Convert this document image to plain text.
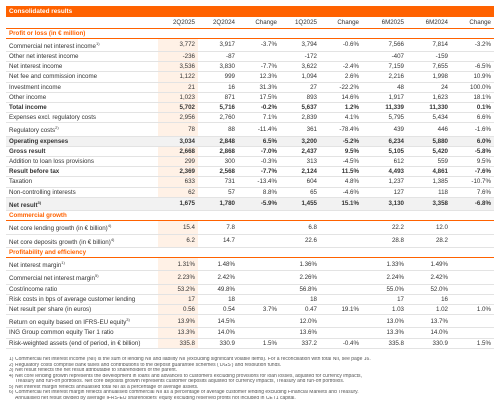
Consolidated results
	2Q2025	2Q2024	Change	1Q2025	Change	6M2025	6M2024	Change
Profit or loss (in € million)								
Commercial net interest income$^{1)}$	3,772	3,917	-3.7%	3,794	-0.6%	7,566	7,814	-3.2%
Other net interest income	-236	-87		-172		-407	-159	
Net interest income	3,536	3,830	-7.7%	3,622	-2.4%	7,159	7,655	-6.5%
Net fee and commission income	1,122	999	12.3%	1,094	2.6%	2,216	1,998	10.9%
Investment income	21	16	31.3%	27	-22.2%	48	24	100.0%
Other income	1,023	871	17.5%	893	14.6%	1,917	1,623	18.1%
Total income	5,702	5,716	-0.2%	5,637	1.2%	11,339	11,330	0.1%
Expenses excl. regulatory costs	2,956	2,760	7.1%	2,839	4.1%	5,795	5,434	6.6%
Regulatory costs$^{2)}$	78	88	-11.4%	361	-78.4%	439	446	-1.6%
Operating expenses	3,034	2,848	6.5%	3,200	-5.2%	6,234	5,880	6.0%
Gross result	2,668	2,868	-7.0%	2,437	9.5%	5,105	5,420	-5.8%
Addition to loan loss provisions	299	300	-0.3%	313	-4.5%	612	559	9.5%
Result before tax	2,369	2,568	-7.7%	2,124	11.5%	4,493	4,861	-7.6%
Taxation	633	731	-13.4%	604	4.8%	1,237	1,385	-10.7%
Non-controlling interests	62	57	8.8%	65	-4.6%	127	118	7.6%
Net result$^{3)}$	1,675	1,780	-5.9%	1,455	15.1%	3,130	3,358	-6.8%
Commercial growth								
Net core lending growth (in € billion)$^{4)}$	15.4	7.8		6.8		22.2	12.0	
Net core deposits growth (in € billion)$^{4)}$	6.2	14.7		22.6		28.8	28.2	
Profitability and efficiency								
Net interest margin$^{1)}$	1.31%	1.48%		1.36%		1.33%	1.49%	
Commercial net interest margin$^{5)}$	2.23%	2.42%		2.26%		2.24%	2.42%	
Cost/income ratio	53.2%	49.8%		56.8%		55.0%	52.0%	
Risk costs in bps of average customer lending	17	18		18		17	16	
Net result per share (in euros)	0.56	0.54	3.7%	0.47	19.1%	1.03	1.02	1.0%
Return on equity based on IFRS-EU equity$^{3)}$	13.9%	14.5%		12.0%		13.0%	13.7%	
ING Group common equity Tier 1 ratio	13.3%	14.0%		13.6%		13.3%	14.0%	
Risk-weighted assets (end of period, in € billion)	335.8	330.9	1.5%	337.2	-0.4%	335.8	330.9	1.5%
1) Commercial net interest income (NII) is the sum of lending NII and liability NII (excluding significant volatile items). For a reconciliation with total NII, see page 16.
2) Regulatory costs comprise bank taxes and contributions to the deposit guarantee schemes (‘DGS’) and resolution funds.
3) Net result reflects the net result attributable to shareholders of the parent.
4) Net core lending growth represents the development in loans and advances to customers excluding provisions for loan losses, adjusted for currency impacts,
Treasury and run-off portfolios. Net core deposits growth represents customer deposits adjusted for currency impacts, Treasury and run-off portfolios.
5) Net interest margin reflects annualised total NII as a percentage of average assets.
6) Commercial net interest margin reflects annualised commercial NII as a percentage of average customer lending excluding Financial Markets and Treasury.
Annualised net result divided by average IFRS-EU shareholders’ equity excluding reserved profits not included in CET1 capital.
